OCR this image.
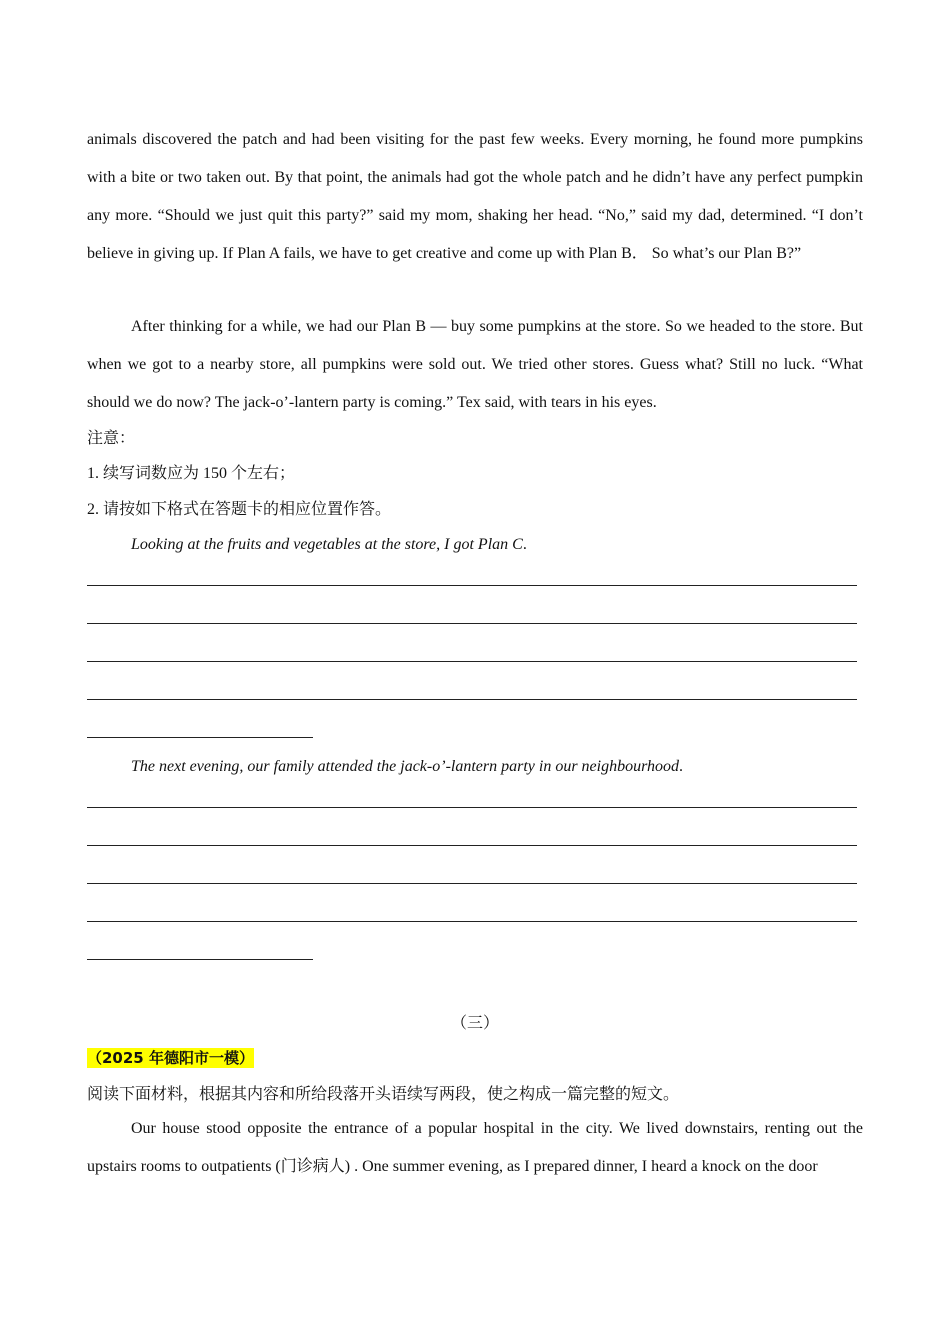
animals discovered the patch and had been visiting for the past few weeks. Every morning, he found more pumpkins with a bite or two taken out. By that point, the animals had got the whole patch and he didn’t have any perfect pumpkin any more. “Should we just quit this party?” said my mom, shaking her head. “No,” said my dad, determined. “I don’t believe in giving up. If Plan A fails, we have to get creative and come up with Plan B． So what’s our Plan B?”

After thinking for a while, we had our Plan B — buy some pumpkins at the store. So we headed to the store. But when we got to a nearby store, all pumpkins were sold out. We tried other stores. Guess what? Still no luck. “What should we do now? The jack-o’-lantern party is coming.” Tex said, with tears in his eyes.

注意：

1. 续写词数应为 150 个左右；

2. 请按如下格式在答题卡的相应位置作答。

Looking at the fruits and vegetables at the store, I got Plan C.

The next evening, our family attended the jack-o’-lantern party in our neighbourhood.

（三）

（2025 年德阳市一模）

阅读下面材料，根据其内容和所给段落开头语续写两段，使之构成一篇完整的短文。

Our house stood opposite the entrance of a popular hospital in the city. We lived downstairs, renting out the upstairs rooms to outpatients (门诊病人) . One summer evening, as I prepared dinner, I heard a knock on the door
